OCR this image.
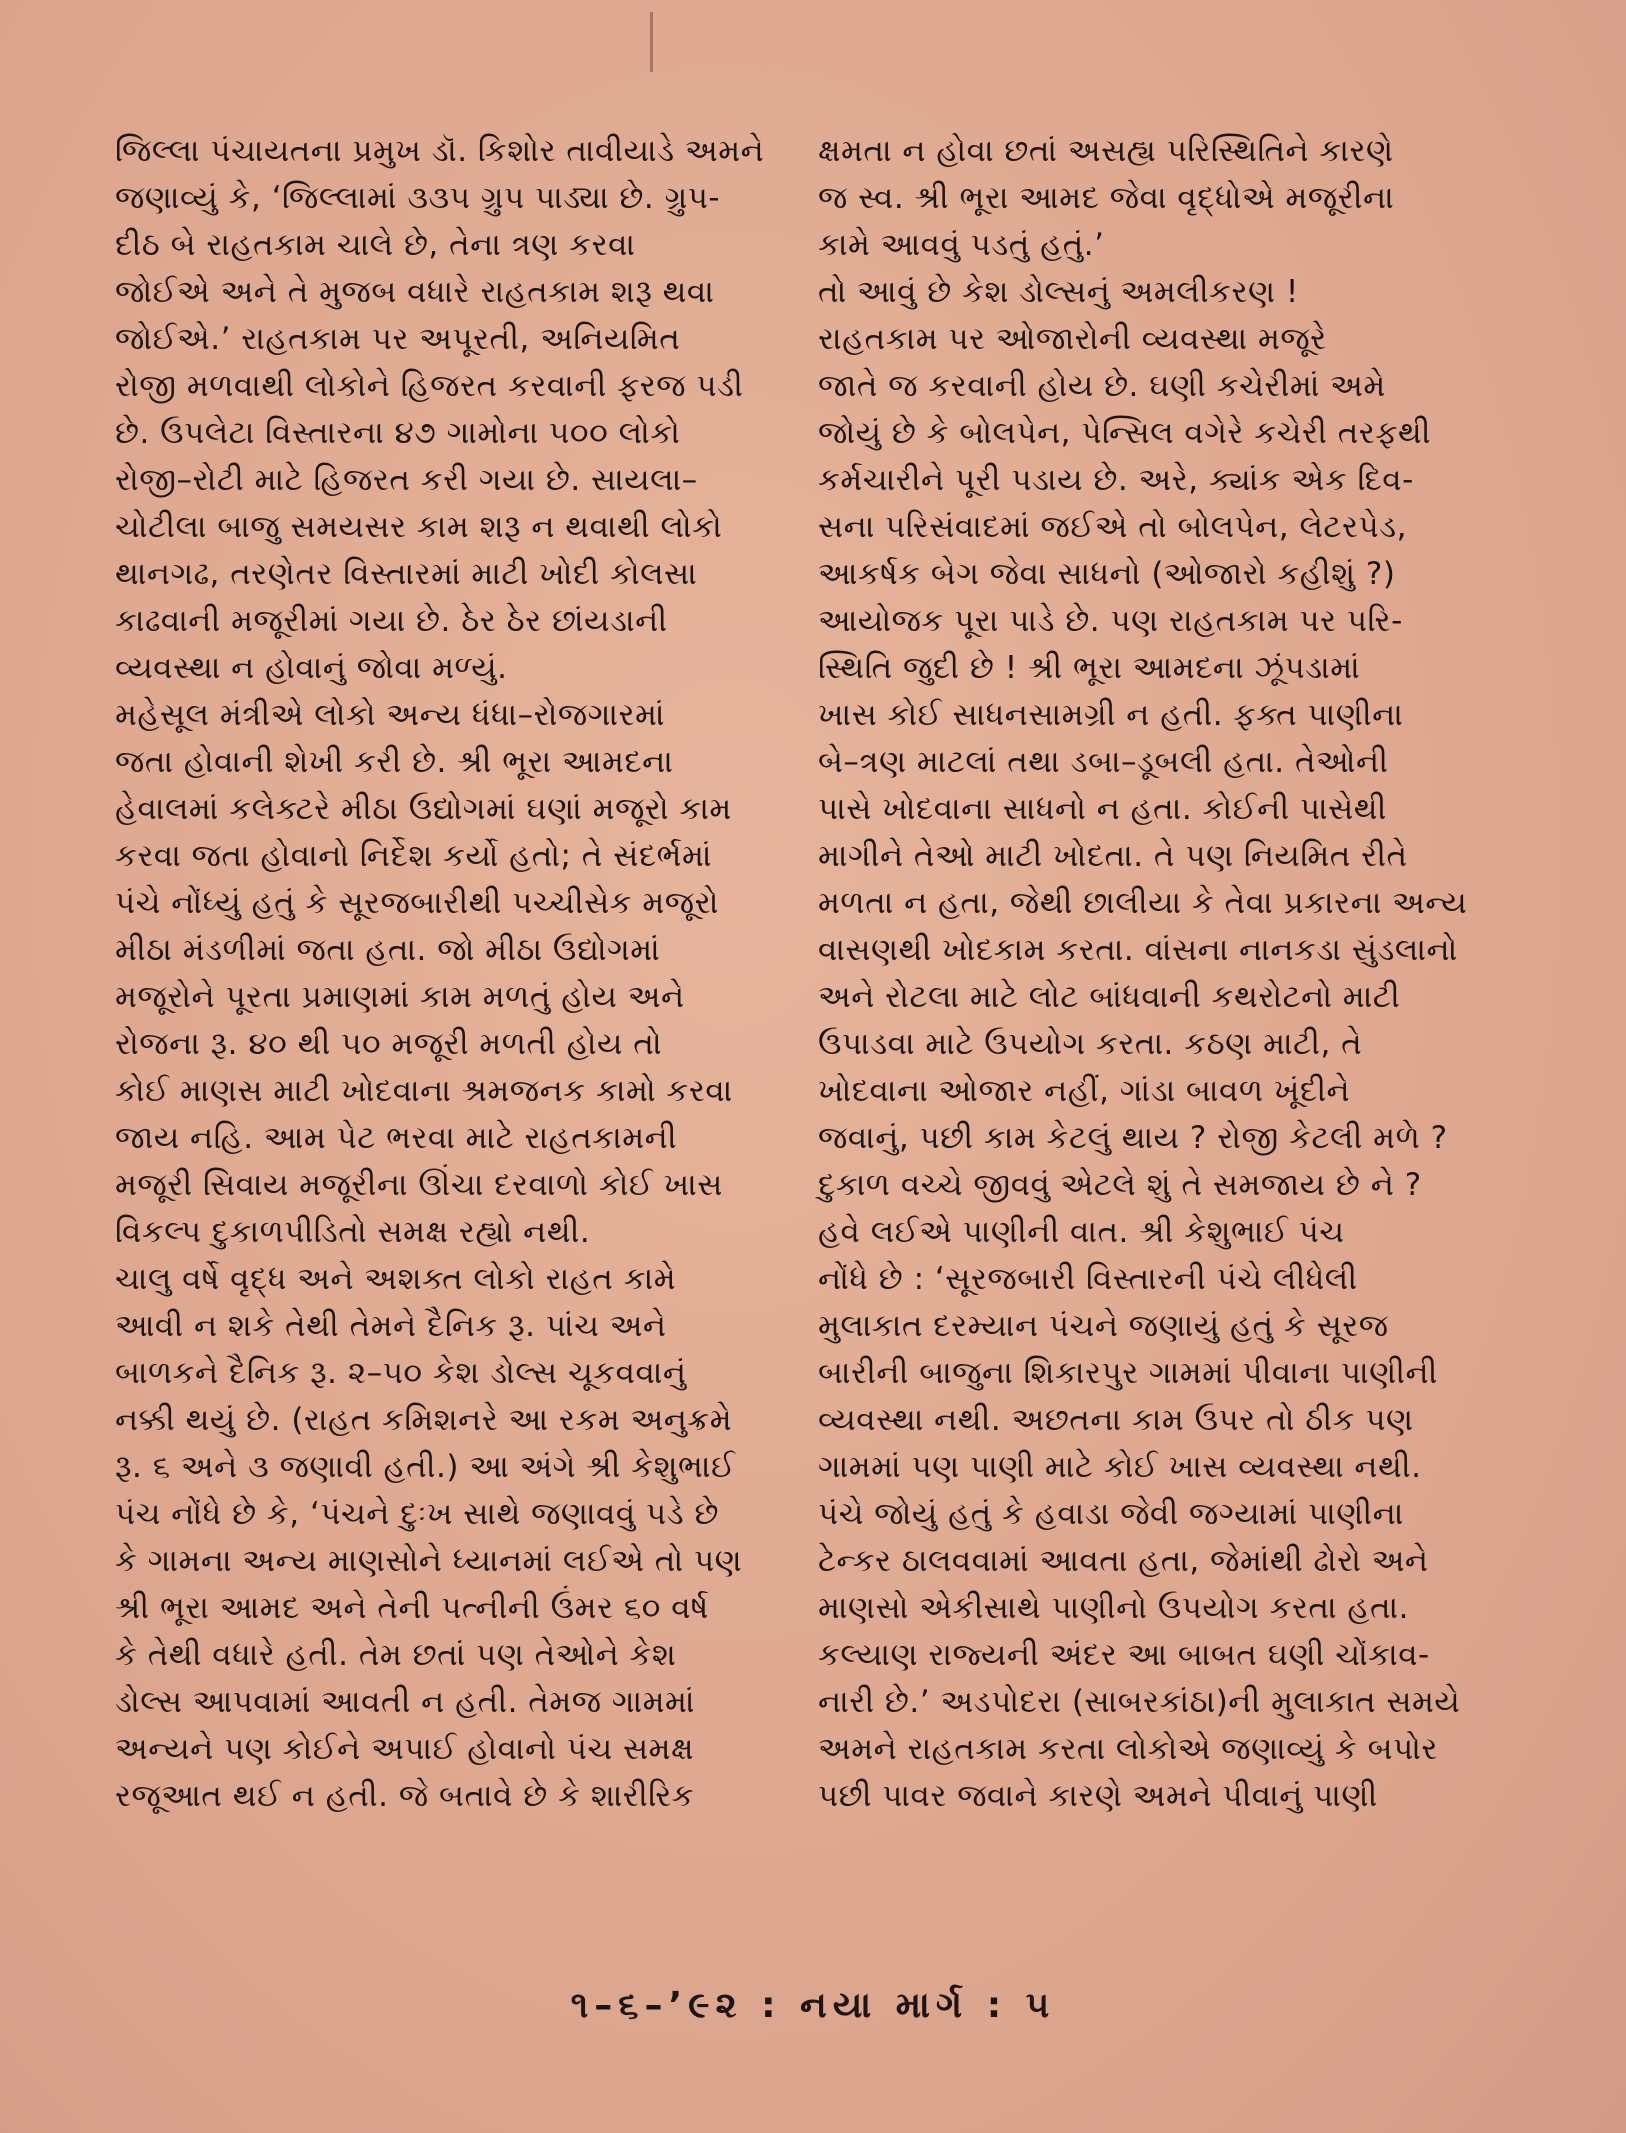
જિલ્લા પંચાયતના પ્રમુખ ડૉ. કિશોર તાવીયાડે અમને
જણાવ્યું કે, ‘જિલ્લામાં ૩૩૫ ગ્રુપ પાડ્યા છે. ગ્રુપ-
દીઠ બે રાહતકામ ચાલે છે, તેના ત્રણ કરવા
જોઈએ અને તે મુજબ વધારે રાહતકામ શરૂ થવા
જોઈએ.’ રાહતકામ પર અપૂરતી, અનિયમિત
રોજી મળવાથી લોકોને હિજરત કરવાની ફરજ પડી
છે. ઉપલેટા વિસ્તારના ૪૭ ગામોના ૫૦૦ લોકો
રોજી–રોટી માટે હિજરત કરી ગયા છે. સાયલા–
ચોટીલા બાજુ સમયસર કામ શરૂ ન થવાથી લોકો
થાનગઢ, તરણેતર વિસ્તારમાં માટી ખોદી કોલસા
કાઢવાની મજૂરીમાં ગયા છે. ઠેર ઠેર છાંયડાની
વ્યવસ્થા ન હોવાનું જોવા મળ્યું.

મહેસૂલ મંત્રીએ લોકો અન્ય ધંધા–રોજગારમાં
જતા હોવાની શેખી કરી છે. શ્રી ભૂરા આમદના
હેવાલમાં કલેક્ટરે મીઠા ઉદ્યોગમાં ઘણાં મજૂરો કામ
કરવા જતા હોવાનો નિર્દેશ કર્યો હતો; તે સંદર્ભમાં
પંચે નોંધ્યું હતું કે સૂરજબારીથી પચ્ચીસેક મજૂરો
મીઠા મંડળીમાં જતા હતા. જો મીઠા ઉદ્યોગમાં
મજૂરોને પૂરતા પ્રમાણમાં કામ મળતું હોય અને
રોજના રૂ. ૪૦ થી ૫૦ મજૂરી મળતી હોય તો
કોઈ માણસ માટી ખોદવાના શ્રમજનક કામો કરવા
જાય નહિ. આમ પેટ ભરવા માટે રાહતકામની
મજૂરી સિવાય મજૂરીના ઊંચા દરવાળો કોઈ ખાસ
વિકલ્પ દુકાળપીડિતો સમક્ષ રહ્યો નથી.

ચાલુ વર્ષે વૃદ્ધ અને અશક્ત લોકો રાહત કામે
આવી ન શકે તેથી તેમને દૈનિક રૂ. પાંચ અને
બાળકને દૈનિક રૂ. ૨–૫૦ કેશ ડોલ્સ ચૂકવવાનું
નક્કી થયું છે. (રાહત કમિશનરે આ રકમ અનુક્રમે
રૂ. ૬ અને ૩ જણાવી હતી.) આ અંગે શ્રી કેશુભાઈ
પંચ નોંધે છે કે, ‘પંચને દુઃખ સાથે જણાવવું પડે છે
કે ગામના અન્ય માણસોને ધ્યાનમાં લઈએ તો પણ
શ્રી ભૂરા આમદ અને તેની પત્નીની ઉંમર ૬૦ વર્ષ
કે તેથી વધારે હતી. તેમ છતાં પણ તેઓને કેશ
ડોલ્સ આપવામાં આવતી ન હતી. તેમજ ગામમાં
અન્યને પણ કોઈને અપાઈ હોવાનો પંચ સમક્ષ
રજૂઆત થઈ ન હતી. જે બતાવે છે કે શારીરિક

ક્ષમતા ન હોવા છતાં અસહ્ય પરિસ્થિતિને કારણે
જ સ્વ. શ્રી ભૂરા આમદ જેવા વૃદ્ધોએ મજૂરીના
કામે આવવું પડતું હતું.’

તો આવું છે કેશ ડોલ્સનું અમલીકરણ !

રાહતકામ પર ઓજારોની વ્યવસ્થા મજૂરે
જાતે જ કરવાની હોય છે. ઘણી કચેરીમાં અમે
જોયું છે કે બોલપેન, પેન્સિલ વગેરે કચેરી તરફથી
કર્મચારીને પૂરી પડાય છે. અરે, ક્યાંક એક દિવ-
સના પરિસંવાદમાં જઈએ તો બોલપેન, લેટરપેડ,
આકર્ષક બેગ જેવા સાધનો (ઓજારો કહીશું ?)
આયોજક પૂરા પાડે છે. પણ રાહતકામ પર પરિ-
સ્થિતિ જુદી છે ! શ્રી ભૂરા આમદના ઝૂંપડામાં
ખાસ કોઈ સાધનસામગ્રી ન હતી. ફક્ત પાણીના
બે–ત્રણ માટલાં તથા ડબા–ડૂબલી હતા. તેઓની
પાસે ખોદવાના સાધનો ન હતા. કોઈની પાસેથી
માગીને તેઓ માટી ખોદતા. તે પણ નિયમિત રીતે
મળતા ન હતા, જેથી છાલીયા કે તેવા પ્રકારના અન્ય
વાસણથી ખોદકામ કરતા. વાંસના નાનકડા સુંડલાનો
અને રોટલા માટે લોટ બાંધવાની કથરોટનો માટી
ઉપાડવા માટે ઉપયોગ કરતા. કઠણ માટી, તે
ખોદવાના ઓજાર નહીં, ગાંડા બાવળ ખૂંદીને
જવાનું, પછી કામ કેટલું થાય ? રોજી કેટલી મળે ?
દુકાળ વચ્ચે જીવવું એટલે શું તે સમજાય છે ને ?

હવે લઈએ પાણીની વાત. શ્રી કેશુભાઈ પંચ
નોંધે છે : ‘સૂરજબારી વિસ્તારની પંચે લીધેલી
મુલાકાત દરમ્યાન પંચને જણાયું હતું કે સૂરજ
બારીની બાજુના શિકારપુર ગામમાં પીવાના પાણીની
વ્યવસ્થા નથી. અછતના કામ ઉપર તો ઠીક પણ
ગામમાં પણ પાણી માટે કોઈ ખાસ વ્યવસ્થા નથી.
પંચે જોયું હતું કે હવાડા જેવી જગ્યામાં પાણીના
ટેન્કર ઠાલવવામાં આવતા હતા, જેમાંથી ઢોરો અને
માણસો એકીસાથે પાણીનો ઉપયોગ કરતા હતા.
કલ્યાણ રાજ્યની અંદર આ બાબત ઘણી ચોંકાવ-
નારી છે.’ અડપોદરા (સાબરકાંઠા)ની મુલાકાત સમયે
અમને રાહતકામ કરતા લોકોએ જણાવ્યું કે બપોર
પછી પાવર જવાને કારણે અમને પીવાનું પાણી

૧–૬–’૯૨ : નયા માર્ગ : ૫
